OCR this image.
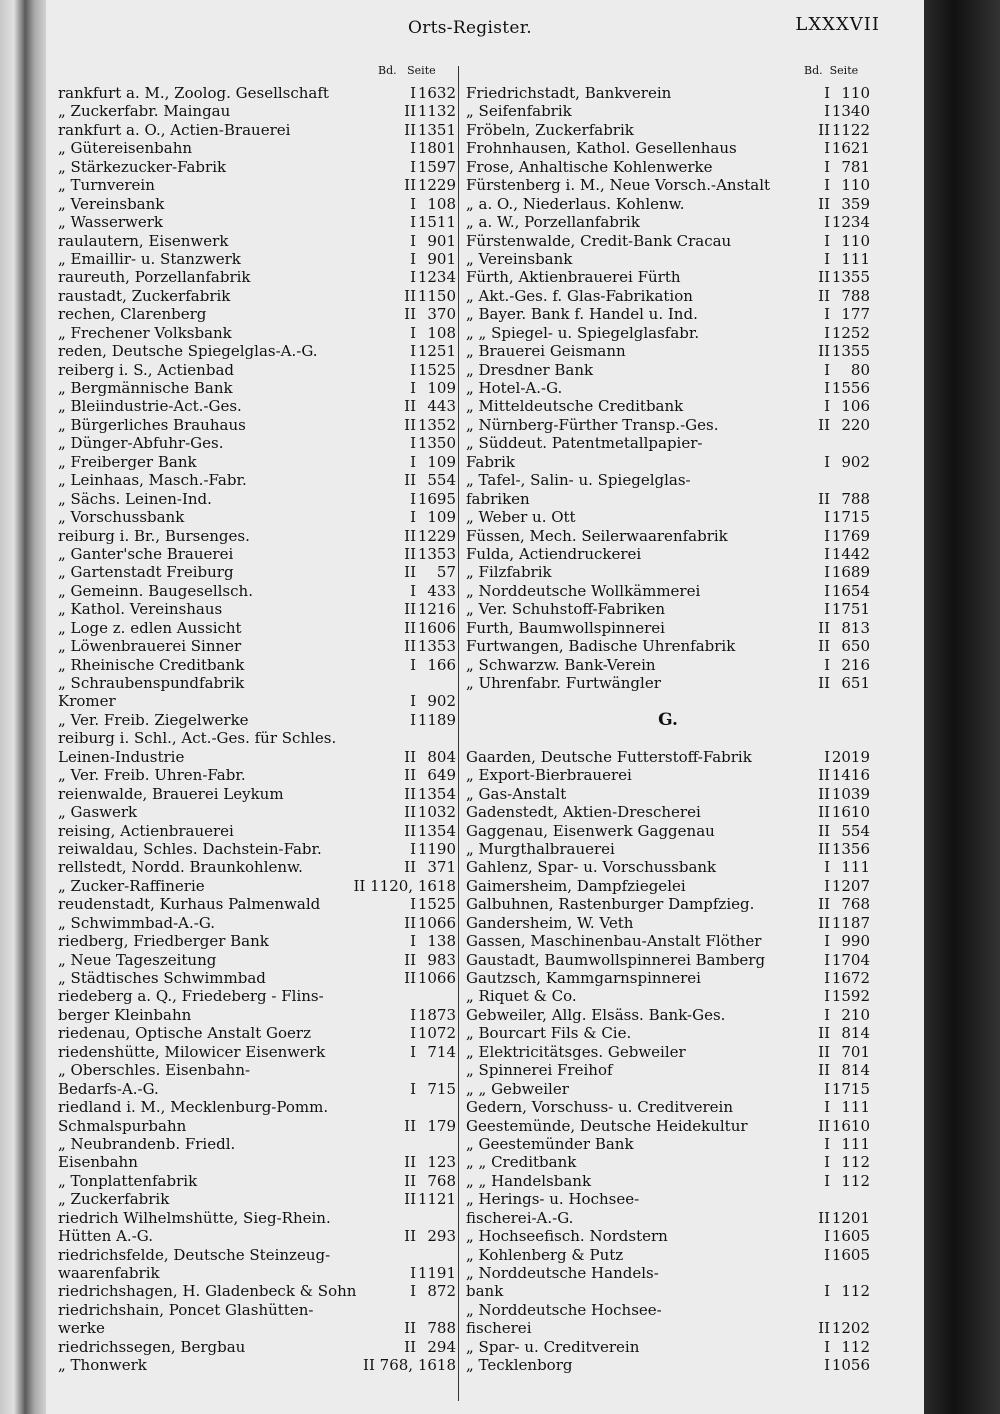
Orts-Register.	LXXXVII
Bd. Seite	Bd. Seite
rankfurt a. M., Zoolog. Gesellschaft	I 1632
„ Zuckerfabr. Maingau	II 1132
rankfurt a. O., Actien-Brauerei	II 1351
„ Gütereisenbahn	I 1801
„ Stärkezucker-Fabrik	I 1597
„ Turnverein	II 1229
„ Vereinsbank	I 108
„ Wasserwerk	I 1511
raulautern, Eisenwerk	I 901
„ Emaillir- u. Stanzwerk	I 901
raureuth, Porzellanfabrik	I 1234
raustadt, Zuckerfabrik	II 1150
rechen, Clarenberg	II 370
„ Frechener Volksbank	I 108
reden, Deutsche Spiegelglas-A.-G.	I 1251
reiberg i. S., Actienbad	I 1525
„ Bergmännische Bank	I 109
„ Bleiindustrie-Act.-Ges.	II 443
„ Bürgerliches Brauhaus	II 1352
„ Dünger-Abfuhr-Ges.	I 1350
„ Freiberger Bank	I 109
„ Leinhaas, Masch.-Fabr.	II 554
„ Sächs. Leinen-Ind.	I 1695
„ Vorschussbank	I 109
reiburg i. Br., Bursenges.	II 1229
„ Ganter'sche Brauerei	II 1353
„ Gartenstadt Freiburg	II	57
„ Gemeinn. Baugesellsch.	I 433
„ Kathol. Vereinshaus	II 1216
„ Loge z. edlen Aussicht	II 1606
„ Löwenbrauerei Sinner	II 1353
„ Rheinische Creditbank	I 166
„ Schraubenspundfabrik
Kromer	I 902
„ Ver. Freib. Ziegelwerke	I 1189
reiburg i. Schl., Act.-Ges. für Schles.
Leinen-Industrie	II 804
„ Ver. Freib. Uhren-Fabr.	II 649
reienwalde, Brauerei Leykum	II 1354
„ Gaswerk	II 1032
reising, Actienbrauerei	II 1354
reiwaldau, Schles. Dachstein-Fabr.	I 1190
rellstedt, Nordd. Braunkohlenw.	II 371
„ Zucker-Raffinerie	II 1120, 1618
reudenstadt, Kurhaus Palmenwald	I 1525
„ Schwimmbad-A.-G.	II 1066
riedberg, Friedberger Bank	I 138
„ Neue Tageszeitung	II 983
„ Städtisches Schwimmbad	II 1066
riedeberg a. Q., Friedeberg - Flins-
berger Kleinbahn	I 1873
riedenau, Optische Anstalt Goerz	I 1072
riedenshütte, Milowicer Eisenwerk	I 714
„ Oberschles. Eisenbahn-
Bedarfs-A.-G.	I 715
riedland i. M., Mecklenburg-Pomm.
Schmalspurbahn	II 179
„ Neubrandenb. Friedl.
Eisenbahn	II 123
„ Tonplattenfabrik	II 768
„ Zuckerfabrik	II 1121
riedrich Wilhelmshütte, Sieg-Rhein.
Hütten A.-G.	II 293
riedrichsfelde, Deutsche Steinzeug-
waarenfabrik	I 1191
riedrichshagen, H. Gladenbeck & Sohn	I 872
riedrichshain, Poncet Glashütten-
werke	II 788
riedrichssegen, Bergbau	II 294
„ Thonwerk	II 768, 1618
Friedrichstadt, Bankverein	I 110
„ Seifenfabrik	I 1340
Fröbeln, Zuckerfabrik	II 1122
Frohnhausen, Kathol. Gesellenhaus	I 1621
Frose, Anhaltische Kohlenwerke	I 781
Fürstenberg i. M., Neue Vorsch.-Anstalt	I 110
„ a. O., Niederlaus. Kohlenw.	II 359
„ a. W., Porzellanfabrik	I 1234
Fürstenwalde, Credit-Bank Cracau	I 110
„ Vereinsbank	I 111
Fürth, Aktienbrauerei Fürth	II 1355
„ Akt.-Ges. f. Glas-Fabrikation	II 788
„ Bayer. Bank f. Handel u. Ind.	I 177
„ „ Spiegel- u. Spiegelglasfabr.	I 1252
„ Brauerei Geismann	II 1355
„ Dresdner Bank	I	80
„ Hotel-A.-G.	I 1556
„ Mitteldeutsche Creditbank	I 106
„ Nürnberg-Fürther Transp.-Ges.	II 220
„ Süddeut. Patentmetallpapier-
Fabrik	I 902
„ Tafel-, Salin- u. Spiegelglas-
fabriken	II 788
„ Weber u. Ott	I 1715
Füssen, Mech. Seilerwaarenfabrik	I 1769
Fulda, Actiendruckerei	I 1442
„ Filzfabrik	I 1689
„ Norddeutsche Wollkämmerei	I 1654
„ Ver. Schuhstoff-Fabriken	I 1751
Furth, Baumwollspinnerei	II 813
Furtwangen, Badische Uhrenfabrik	II 650
„ Schwarzw. Bank-Verein	I 216
„ Uhrenfabr. Furtwängler	II 651
G.
Gaarden, Deutsche Futterstoff-Fabrik	I 2019
„ Export-Bierbrauerei	II 1416
„ Gas-Anstalt	II 1039
Gadenstedt, Aktien-Drescherei	II 1610
Gaggenau, Eisenwerk Gaggenau	II 554
„ Murgthalbrauerei	II 1356
Gahlenz, Spar- u. Vorschussbank	I 111
Gaimersheim, Dampfziegelei	I 1207
Galbuhnen, Rastenburger Dampfzieg.	II 768
Gandersheim, W. Veth	II 1187
Gassen, Maschinenbau-Anstalt Flöther	I 990
Gaustadt, Baumwollspinnerei Bamberg	I 1704
Gautzsch, Kammgarnspinnerei	I 1672
„ Riquet & Co.	I 1592
Gebweiler, Allg. Elsäss. Bank-Ges.	I 210
„ Bourcart Fils & Cie.	II 814
„ Elektricitätsges. Gebweiler	II 701
„ Spinnerei Freihof	II 814
„ „ Gebweiler	I 1715
Gedern, Vorschuss- u. Creditverein	I 111
Geestemünde, Deutsche Heidekultur	II 1610
„ Geestemünder Bank	I 111
„ „ Creditbank	I 112
„ „ Handelsbank	I 112
„ Herings- u. Hochsee-
fischerei-A.-G.	II 1201
„ Hochseefisch. Nordstern	I 1605
„ Kohlenberg & Putz	I 1605
„ Norddeutsche Handels-
bank	I 112
„ Norddeutsche Hochsee-
fischerei	II 1202
„ Spar- u. Creditverein	I 112
„ Tecklenborg	I 1056
